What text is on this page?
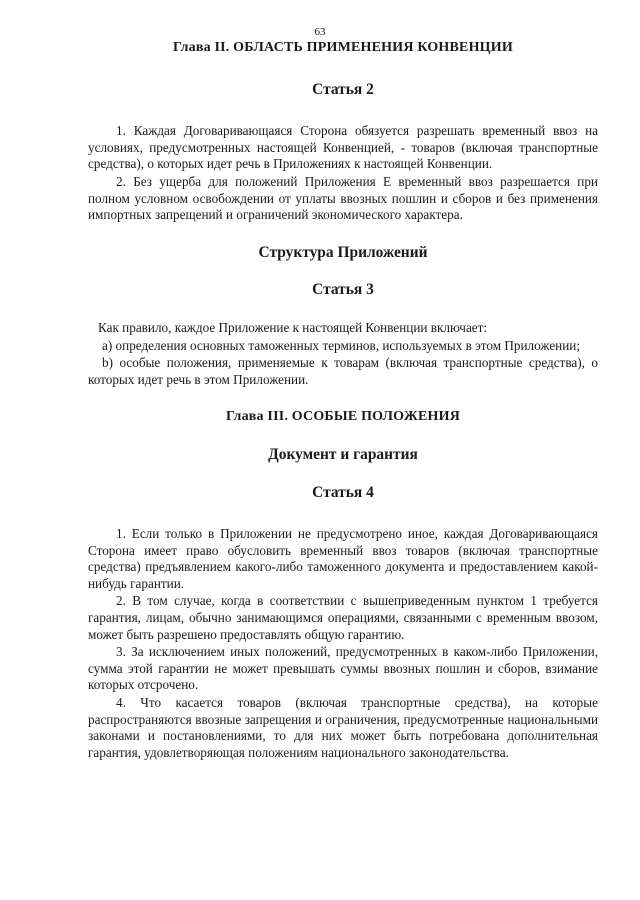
63
Глава II. ОБЛАСТЬ ПРИМЕНЕНИЯ КОНВЕНЦИИ
Статья 2

1. Каждая Договаривающаяся Сторона обязуется разрешать временный ввоз на условиях, предусмотренных настоящей Конвенцией, - товаров (включая транспортные средства), о которых идет речь в Приложениях к настоящей Конвенции.

2. Без ущерба для положений Приложения Е временный ввоз разрешается при полном условном освобождении от уплаты ввозных пошлин и сборов и без применения импортных запрещений и ограничений экономического характера.

Структура Приложений
Статья 3

Как правило, каждое Приложение к настоящей Конвенции включает:

a) определения основных таможенных терминов, используемых в этом Приложении;

b) особые положения, применяемые к товарам (включая транспортные средства), о которых идет речь в этом Приложении.

Глава III. ОСОБЫЕ ПОЛОЖЕНИЯ
Документ и гарантия
Статья 4

1. Если только в Приложении не предусмотрено иное, каждая Договаривающаяся Сторона имеет право обусловить временный ввоз товаров (включая транспортные средства) предъявлением какого-либо таможенного документа и предоставлением какой-нибудь гарантии.

2. В том случае, когда в соответствии с вышеприведенным пунктом 1 требуется гарантия, лицам, обычно занимающимся операциями, связанными с временным ввозом, может быть разрешено предоставлять общую гарантию.

3. За исключением иных положений, предусмотренных в каком-либо Приложении, сумма этой гарантии не может превышать суммы ввозных пошлин и сборов, взимание которых отсрочено.

4. Что касается товаров (включая транспортные средства), на которые распространяются ввозные запрещения и ограничения, предусмотренные национальными законами и постановлениями, то для них может быть потребована дополнительная гарантия, удовлетворяющая положениям национального законодательства.
